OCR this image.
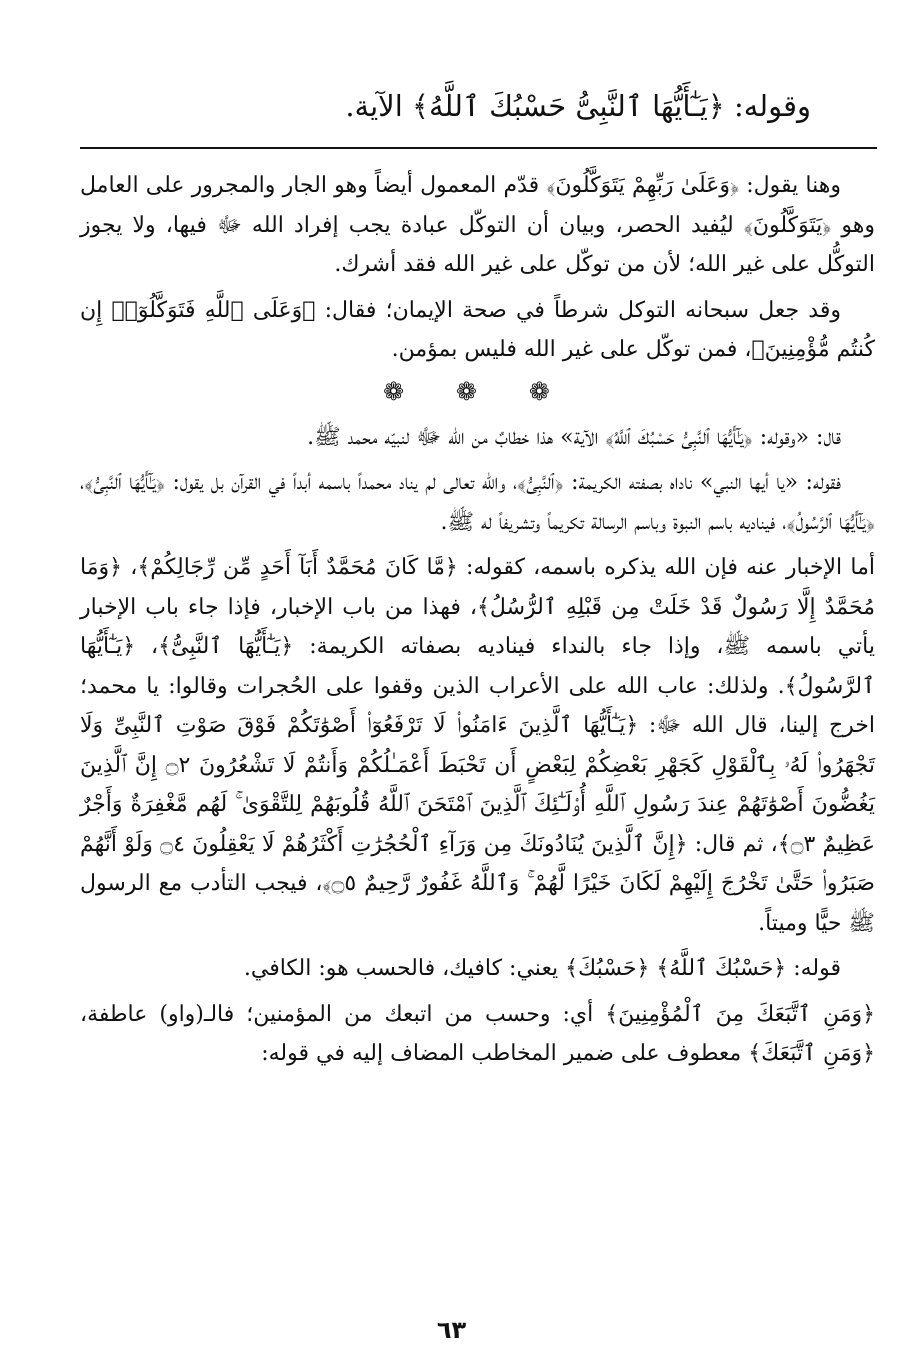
وقوله: ﴿يَـٰٓأَيُّهَا ٱلنَّبِىُّ حَسْبُكَ ٱللَّهُ﴾ الآية.

وهنا يقول: ﴿وَعَلَىٰ رَبِّهِمْ يَتَوَكَّلُونَ﴾ قدّم المعمول أيضاً وهو الجار والمجرور على العامل وهو ﴿يَتَوَكَّلُونَ﴾ ليُفيد الحصر، وبيان أن التوكّل عبادة يجب إفراد الله ﷻ فيها، ولا يجوز التوكُّل على غير الله؛ لأن من توكّل على غير الله فقد أشرك.

وقد جعل سبحانه التوكل شرطاً في صحة الإيمان؛ فقال: ﴿وَعَلَى ٱللَّهِ فَتَوَكَّلُوٓا۟ إِن كُنتُم مُّؤْمِنِينَ﴾، فمن توكّل على غير الله فليس بمؤمن.

❁ ❁ ❁

قال: «وقوله: ﴿يَـٰٓأَيُّهَا ٱلنَّبِىُّ حَسْبُكَ ٱللَّهُ﴾ الآية» هذا خطابٌ من الله ﷻ لنبيّه محمد ﷺ.

فقوله: «يا أيها النبي» ناداه بصفته الكريمة: ﴿ٱلنَّبِىُّ﴾، والله تعالى لم يناد محمداً باسمه أبداً في القرآن بل يقول: ﴿يَـٰٓأَيُّهَا ٱلنَّبِىُّ﴾، ﴿يَـٰٓأَيُّهَا ٱلرَّسُولُ﴾، فيناديه باسم النبوة وباسم الرسالة تكريماً وتشريفاً له ﷺ.

أما الإخبار عنه فإن الله يذكره باسمه، كقوله: ﴿مَّا كَانَ مُحَمَّدٌ أَبَآ أَحَدٍ مِّن رِّجَالِكُمْ﴾، ﴿وَمَا مُحَمَّدٌ إِلَّا رَسُولٌ قَدْ خَلَتْ مِن قَبْلِهِ ٱلرُّسُلُ﴾، فهذا من باب الإخبار، فإذا جاء باب الإخبار يأتي باسمه ﷺ، وإذا جاء بالنداء فيناديه بصفاته الكريمة: ﴿يَـٰٓأَيُّهَا ٱلنَّبِىُّ﴾، ﴿يَـٰٓأَيُّهَا ٱلرَّسُولُ﴾. ولذلك: عاب الله على الأعراب الذين وقفوا على الحُجرات وقالوا: يا محمد؛ اخرج إلينا، قال الله ﷻ: ﴿يَـٰٓأَيُّهَا ٱلَّذِينَ ءَامَنُوا۟ لَا تَرْفَعُوٓا۟ أَصْوَٰتَكُمْ فَوْقَ صَوْتِ ٱلنَّبِىِّ وَلَا تَجْهَرُوا۟ لَهُۥ بِٱلْقَوْلِ كَجَهْرِ بَعْضِكُمْ لِبَعْضٍ أَن تَحْبَطَ أَعْمَـٰلُكُمْ وَأَنتُمْ لَا تَشْعُرُونَ ۝٢ إِنَّ ٱلَّذِينَ يَغُضُّونَ أَصْوَٰتَهُمْ عِندَ رَسُولِ ٱللَّهِ أُو۟لَـٰٓئِكَ ٱلَّذِينَ ٱمْتَحَنَ ٱللَّهُ قُلُوبَهُمْ لِلتَّقْوَىٰ ۚ لَهُم مَّغْفِرَةٌ وَأَجْرٌ عَظِيمٌ ۝٣﴾، ثم قال: ﴿إِنَّ ٱلَّذِينَ يُنَادُونَكَ مِن وَرَآءِ ٱلْحُجُرَٰتِ أَكْثَرُهُمْ لَا يَعْقِلُونَ ۝٤ وَلَوْ أَنَّهُمْ صَبَرُوا۟ حَتَّىٰ تَخْرُجَ إِلَيْهِمْ لَكَانَ خَيْرًا لَّهُمْ ۚ وَٱللَّهُ غَفُورٌ رَّحِيمٌ ۝٥﴾، فيجب التأدب مع الرسول ﷺ حيًّا وميتاً.

قوله: ﴿حَسْبُكَ ٱللَّهُ﴾ ﴿حَسْبُكَ﴾ يعني: كافيك، فالحسب هو: الكافي.

﴿وَمَنِ ٱتَّبَعَكَ مِنَ ٱلْمُؤْمِنِينَ﴾ أي: وحسب من اتبعك من المؤمنين؛ فالـ(واو) عاطفة، ﴿وَمَنِ ٱتَّبَعَكَ﴾ معطوف على ضمير المخاطب المضاف إليه في قوله:

٦٣
